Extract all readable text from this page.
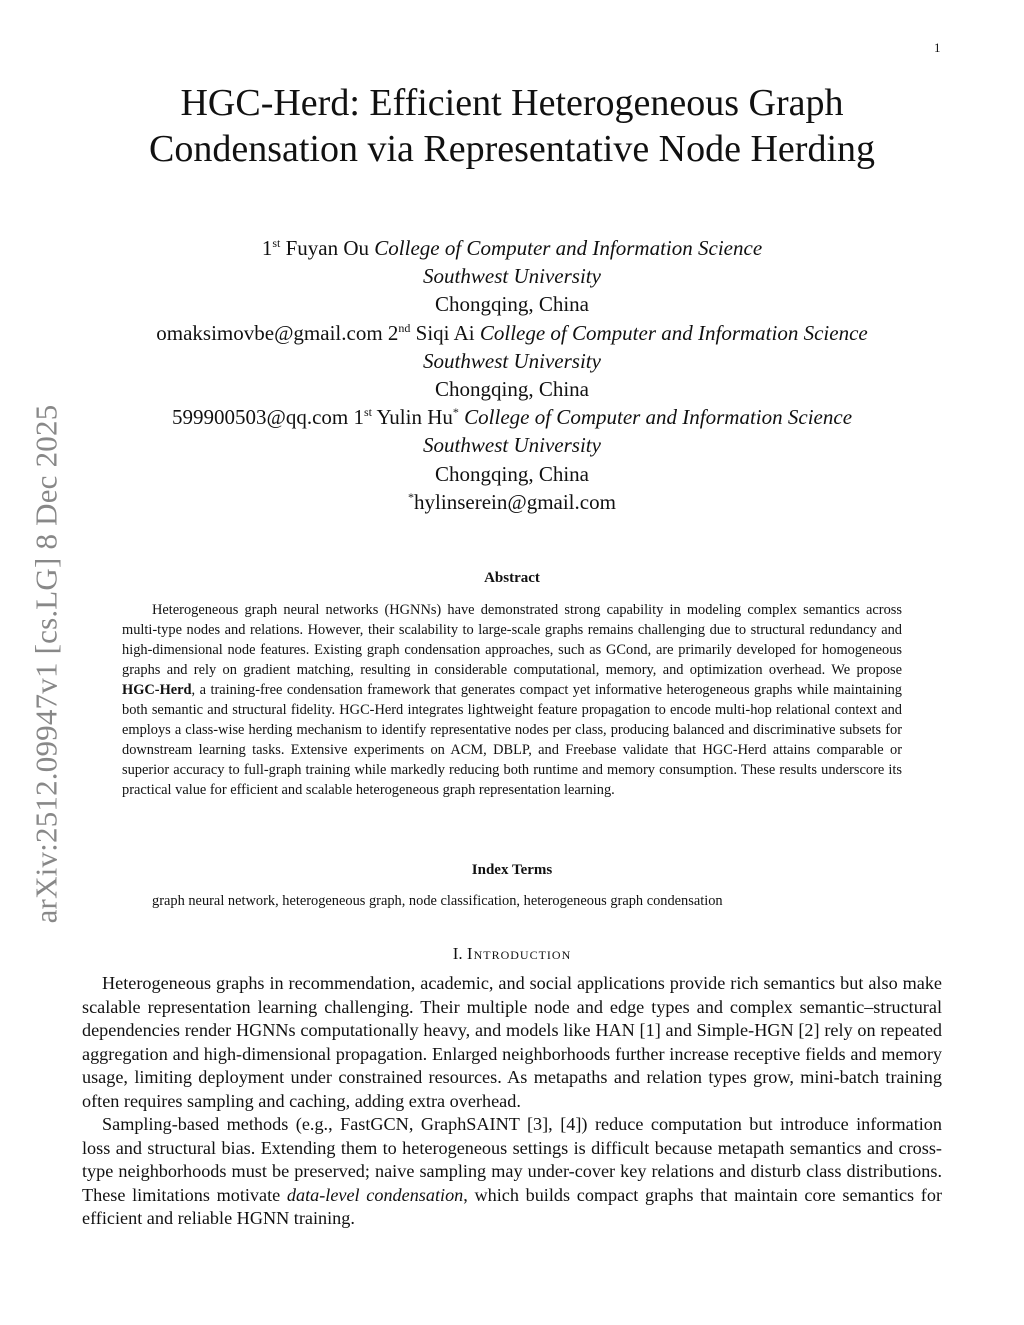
1
arXiv:2512.09947v1 [cs.LG] 8 Dec 2025
HGC-Herd: Efficient Heterogeneous Graph
Condensation via Representative Node Herding
1st Fuyan Ou College of Computer and Information Science
Southwest University
Chongqing, China
omaksimovbe@gmail.com 2nd Siqi Ai College of Computer and Information Science
Southwest University
Chongqing, China
599900503@qq.com 1st Yulin Hu* College of Computer and Information Science
Southwest University
Chongqing, China
*hylinserein@gmail.com
Abstract

Heterogeneous graph neural networks (HGNNs) have demonstrated strong capability in modeling complex semantics across multi-type nodes and relations. However, their scalability to large-scale graphs remains challenging due to structural redundancy and high-dimensional node features. Existing graph condensation approaches, such as GCond, are primarily developed for homogeneous graphs and rely on gradient matching, resulting in considerable computational, memory, and optimization overhead. We propose HGC-Herd, a training-free condensation framework that generates compact yet informative heterogeneous graphs while maintaining both semantic and structural fidelity. HGC-Herd integrates lightweight feature propagation to encode multi-hop relational context and employs a class-wise herding mechanism to identify representative nodes per class, producing balanced and discriminative subsets for downstream learning tasks. Extensive experiments on ACM, DBLP, and Freebase validate that HGC-Herd attains comparable or superior accuracy to full-graph training while markedly reducing both runtime and memory consumption. These results underscore its practical value for efficient and scalable heterogeneous graph representation learning.

Index Terms
graph neural network, heterogeneous graph, node classification, heterogeneous graph condensation
I. Introduction

Heterogeneous graphs in recommendation, academic, and social applications provide rich semantics but also make scalable representation learning challenging. Their multiple node and edge types and complex semantic–structural dependencies render HGNNs computationally heavy, and models like HAN [1] and Simple-HGN [2] rely on repeated aggregation and high-dimensional propagation. Enlarged neighborhoods further increase receptive fields and memory usage, limiting deployment under constrained resources. As metapaths and relation types grow, mini-batch training often requires sampling and caching, adding extra overhead.

Sampling-based methods (e.g., FastGCN, GraphSAINT [3], [4]) reduce computation but introduce information loss and structural bias. Extending them to heterogeneous settings is difficult because metapath semantics and cross-type neighborhoods must be preserved; naive sampling may under-cover key relations and disturb class distributions. These limitations motivate data-level condensation, which builds compact graphs that maintain core semantics for efficient and reliable HGNN training.
